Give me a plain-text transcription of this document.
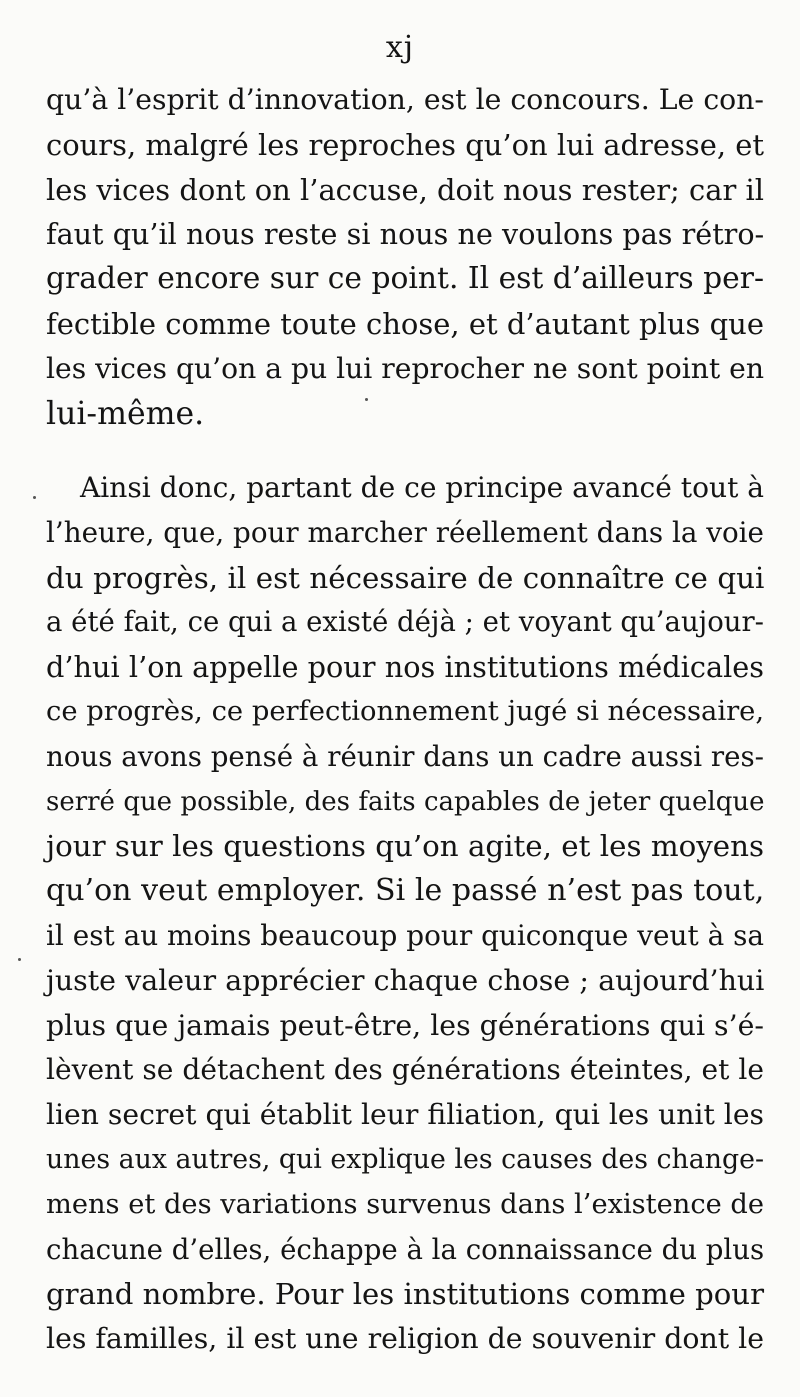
xj
qu’à l’esprit d’innovation, est le concours. Le con-
cours, malgré les reproches qu’on lui adresse, et
les vices dont on l’accuse, doit nous rester; car il
faut qu’il nous reste si nous ne voulons pas rétro-
grader encore sur ce point. Il est d’ailleurs per-
fectible comme toute chose, et d’autant plus que
les vices qu’on a pu lui reprocher ne sont point en
lui-même.
Ainsi donc, partant de ce principe avancé tout à
l’heure, que, pour marcher réellement dans la voie
du progrès, il est nécessaire de connaître ce qui
a été fait, ce qui a existé déjà ; et voyant qu’aujour-
d’hui l’on appelle pour nos institutions médicales
ce progrès, ce perfectionnement jugé si nécessaire,
nous avons pensé à réunir dans un cadre aussi res-
serré que possible, des faits capables de jeter quelque
jour sur les questions qu’on agite, et les moyens
qu’on veut employer. Si le passé n’est pas tout,
il est au moins beaucoup pour quiconque veut à sa
juste valeur apprécier chaque chose ; aujourd’hui
plus que jamais peut-être, les générations qui s’é-
lèvent se détachent des générations éteintes, et le
lien secret qui établit leur filiation, qui les unit les
unes aux autres, qui explique les causes des change-
mens et des variations survenus dans l’existence de
chacune d’elles, échappe à la connaissance du plus
grand nombre. Pour les institutions comme pour
les familles, il est une religion de souvenir dont le
